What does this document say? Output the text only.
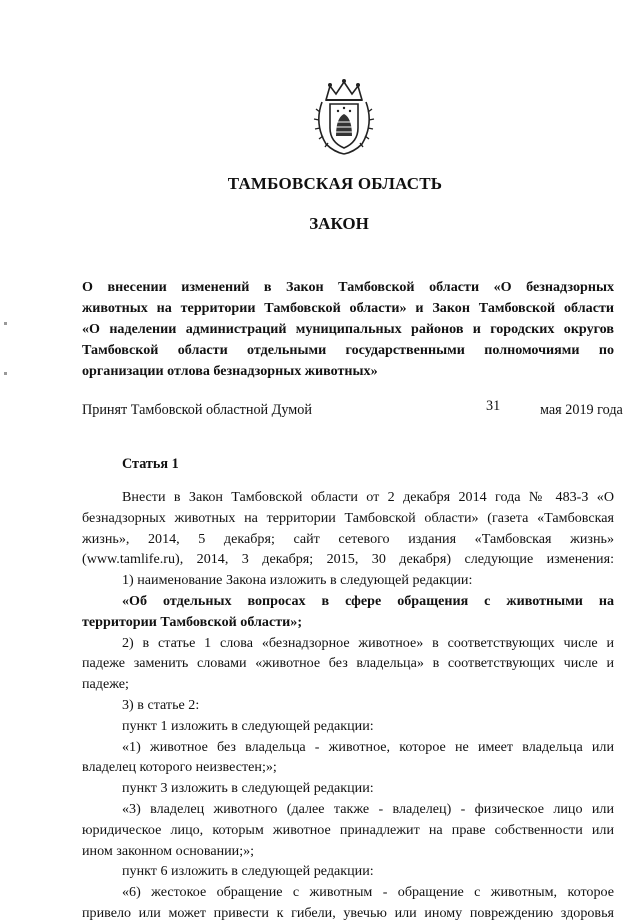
ТАМБОВСКАЯ ОБЛАСТЬ
ЗАКОН
О внесении изменений в Закон Тамбовской области «О безнадзорных
животных на территории Тамбовской области» и Закон Тамбовской области
«О наделении администраций муниципальных районов и городских округов
Тамбовской области отдельными государственными полномочиями по
организации отлова безнадзорных животных»
Принят Тамбовской областной Думой	31	мая 2019 года
Статья 1
Внести в Закон Тамбовской области от 2 декабря 2014 года № 483-З «О
безнадзорных животных на территории Тамбовской области» (газета «Тамбовская
жизнь», 2014, 5 декабря; сайт сетевого издания «Тамбовская жизнь»
(www.tamlife.ru), 2014, 3 декабря; 2015, 30 декабря) следующие изменения:
1) наименование Закона изложить в следующей редакции:
«Об отдельных вопросах в сфере обращения с животными на
территории Тамбовской области»;
2) в статье 1 слова «безнадзорное животное» в соответствующих числе и
падеже заменить словами «животное без владельца» в соответствующих числе и
падеже;
3) в статье 2:
пункт 1 изложить в следующей редакции:
«1) животное без владельца - животное, которое не имеет владельца или
владелец которого неизвестен;»;
пункт 3 изложить в следующей редакции:
«3) владелец животного (далее также - владелец) - физическое лицо или
юридическое лицо, которым животное принадлежит на праве собственности или
ином законном основании;»;
пункт 6 изложить в следующей редакции:
«6) жестокое обращение с животным - обращение с животным, которое
привело или может привести к гибели, увечью или иному повреждению здоровья
